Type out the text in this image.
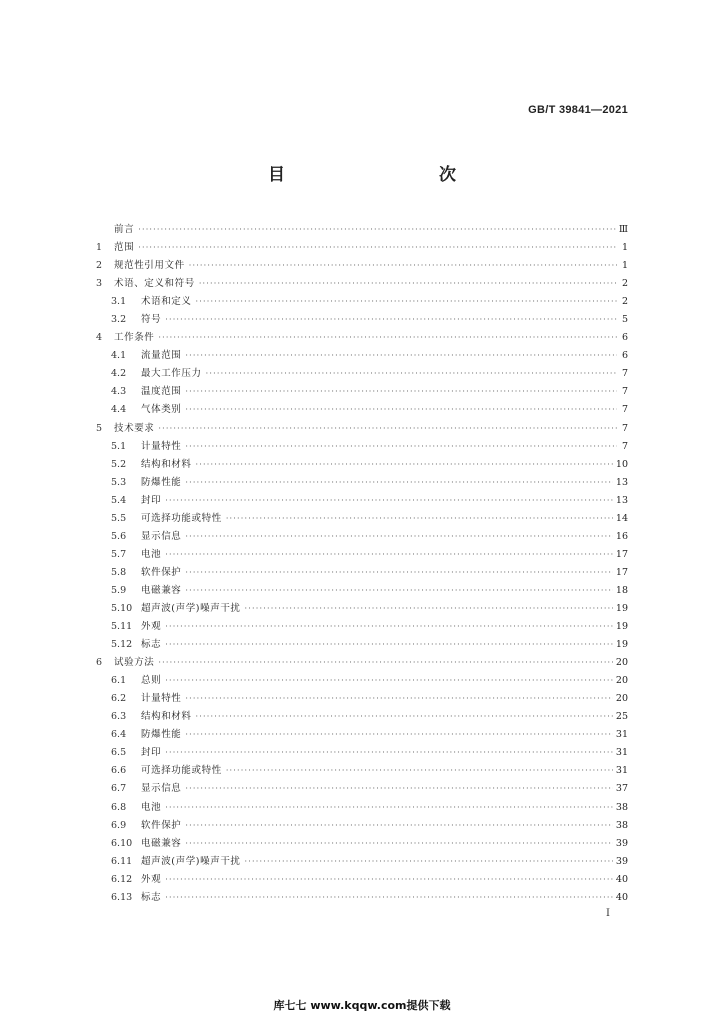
GB/T 39841—2021
目　　次
前言 ·····	Ⅲ
1	范围 ·····	1
2	规范性引用文件 ·····	1
3	术语、定义和符号 ·····	2
3.1	术语和定义 ·····	2
3.2	符号 ·····	5
4	工作条件 ·····	6
4.1	流量范围 ·····	6
4.2	最大工作压力 ·····	7
4.3	温度范围 ·····	7
4.4	气体类别 ·····	7
5	技术要求 ·····	7
5.1	计量特性 ·····	7
5.2	结构和材料 ·····	10
5.3	防爆性能 ·····	13
5.4	封印 ·····	13
5.5	可选择功能或特性 ·····	14
5.6	显示信息 ·····	16
5.7	电池 ·····	17
5.8	软件保护 ·····	17
5.9	电磁兼容 ·····	18
5.10 超声波(声学)噪声干扰 ·····	19
5.11 外观 ·····	19
5.12 标志 ·····	19
6	试验方法 ·····	20
6.1	总则 ·····	20
6.2	计量特性 ·····	20
6.3	结构和材料 ·····	25
6.4	防爆性能 ·····	31
6.5	封印 ·····	31
6.6	可选择功能或特性 ·····	31
6.7	显示信息 ·····	37
6.8	电池 ·····	38
6.9	软件保护 ·····	38
6.10 电磁兼容 ·····	39
6.11 超声波(声学)噪声干扰 ·····	39
6.12 外观 ·····	40
6.13 标志 ·····	40
I
库七七 www.kqqw.com提供下载
